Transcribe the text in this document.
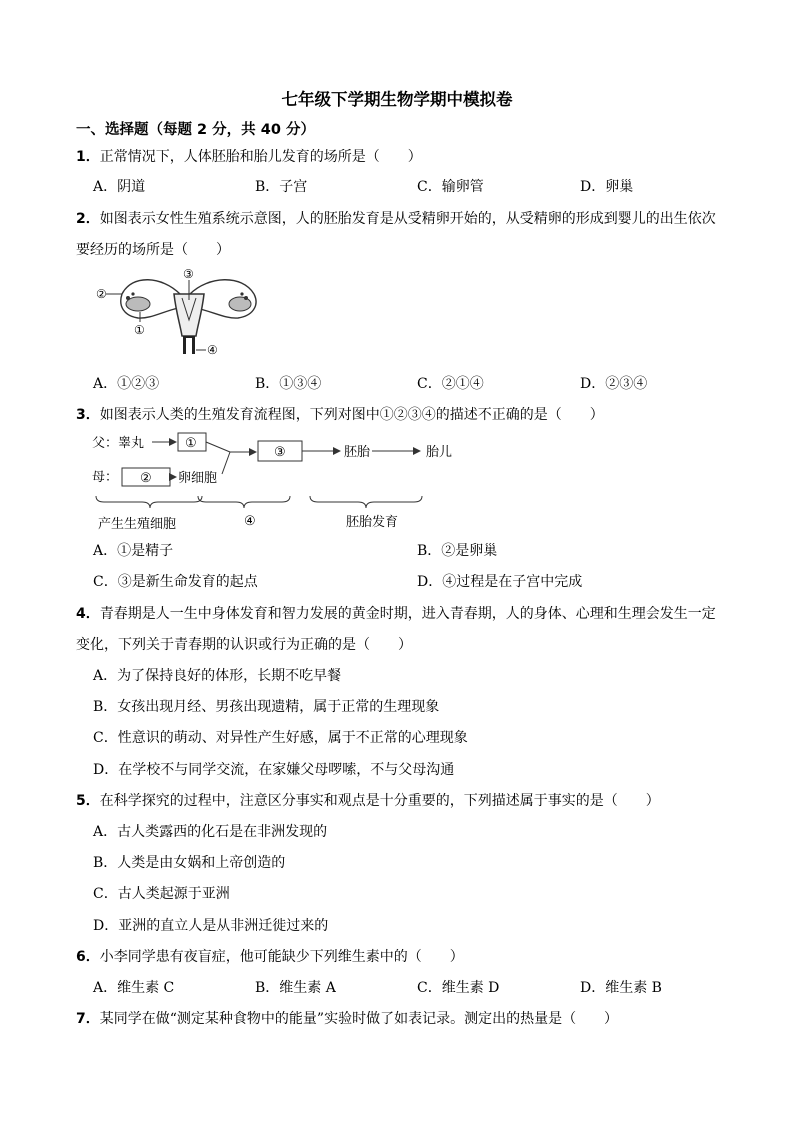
七年级下学期生物学期中模拟卷
一、选择题（每题 2 分，共 40 分）
1．正常情况下，人体胚胎和胎儿发育的场所是（　　）
A．阴道	B．子宫	C．输卵管	D．卵巢
2．如图表示女性生殖系统示意图，人的胚胎发育是从受精卵开始的，从受精卵的形成到婴儿的出生依次
要经历的场所是（　　）
②
③
①
④
A．①②③	B．①③④	C．②①④	D．②③④
3．如图表示人类的生殖发育流程图，下列对图中①②③④的描述不正确的是（　　）
父：睾丸
母：
①
② 卵细胞
③	胚胎	胎儿
产生生殖细胞	④	胚胎发育
A．①是精子	B．②是卵巢
C．③是新生命发育的起点	D．④过程是在子宫中完成
4．青春期是人一生中身体发育和智力发展的黄金时期，进入青春期，人的身体、心理和生理会发生一定
变化，下列关于青春期的认识或行为正确的是（　　）
A．为了保持良好的体形，长期不吃早餐
B．女孩出现月经、男孩出现遗精，属于正常的生理现象
C．性意识的萌动、对异性产生好感，属于不正常的心理现象
D．在学校不与同学交流，在家嫌父母啰嗦，不与父母沟通
5．在科学探究的过程中，注意区分事实和观点是十分重要的，下列描述属于事实的是（　　）
A．古人类露西的化石是在非洲发现的
B．人类是由女娲和上帝创造的
C．古人类起源于亚洲
D．亚洲的直立人是从非洲迁徙过来的
6．小李同学患有夜盲症，他可能缺少下列维生素中的（　　）
A．维生素 C	B．维生素 A	C．维生素 D	D．维生素 B
7．某同学在做“测定某种食物中的能量”实验时做了如表记录。测定出的热量是（　　）
